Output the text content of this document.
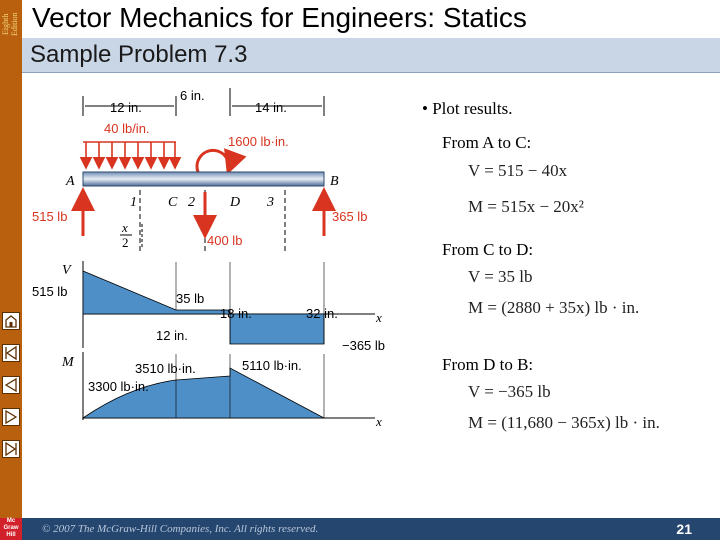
Eighth Edition Vector Mechanics for Engineers: Statics
Sample Problem 7.3
12 in.
6 in.
14 in.
40 lb/in.
1600 lb·in.
A	B
1 C 2	D 3
515 lb	365 lb
400 lb
x
2
V
515 lb	35 lb
18 in.	32 in.
12 in.
−365 lb
x
M	3510 lb·in.	5110 lb·in.
3300 lb·in.
x
• Plot results.
From A to C:
V = 515 − 40x
M = 515x − 20x²
From C to D:
V = 35 lb
M = (2880 + 35x) lb · in.
From D to B:
V = −365 lb
M = (11,680 − 365x) lb · in.
Mc Graw Hill	© 2007 The McGraw-Hill Companies, Inc. All rights reserved.	21
